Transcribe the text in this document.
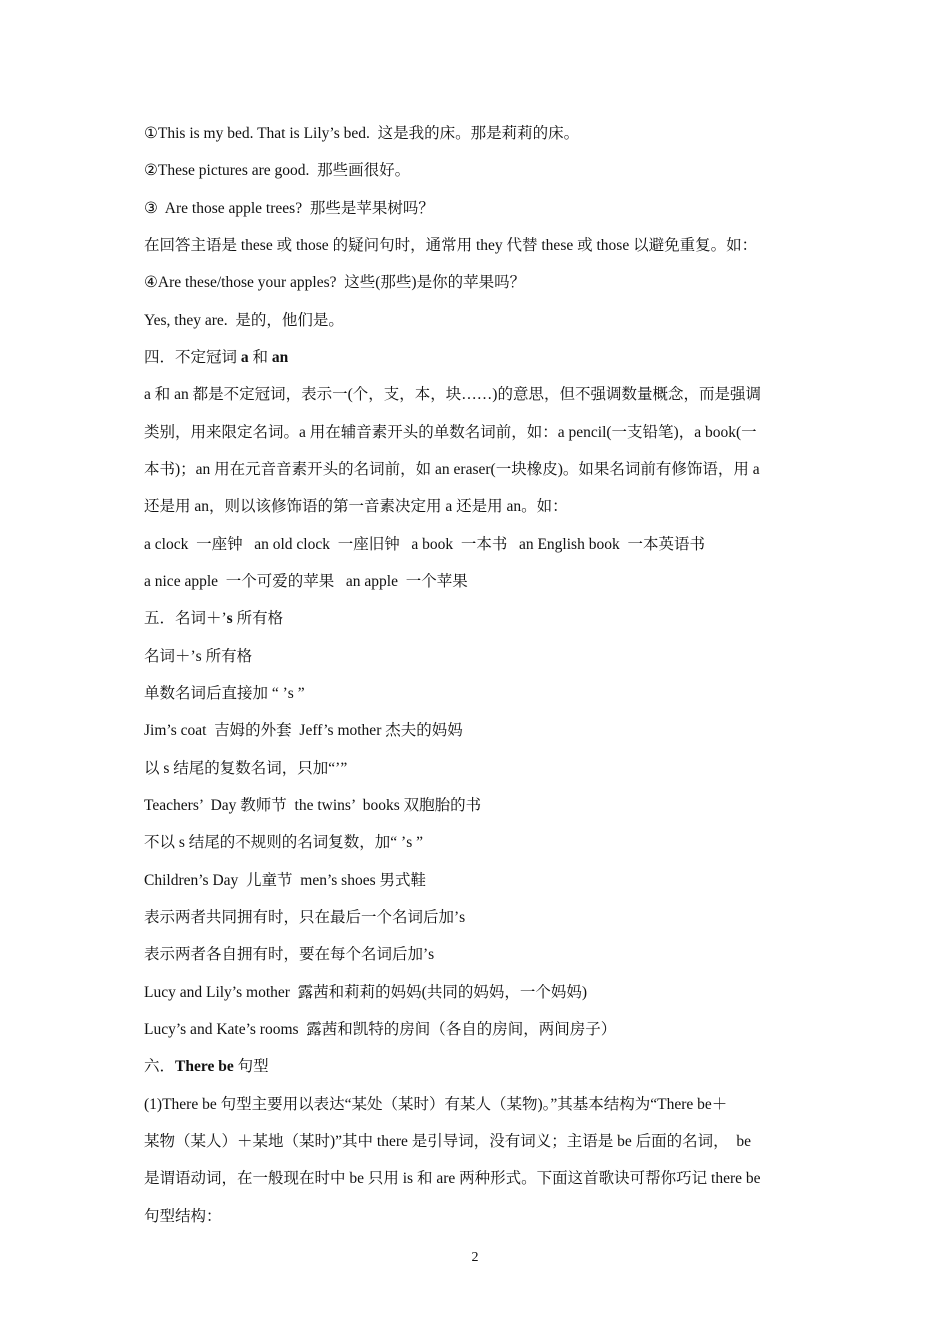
①This is my bed. That is Lily’s bed.  这是我的床。那是莉莉的床。
②These pictures are good.  那些画很好。
③  Are those apple trees?  那些是苹果树吗？
在回答主语是 these 或 those 的疑问句时，通常用 they 代替 these 或 those 以避免重复。如：
④Are these/those your apples?  这些(那些)是你的苹果吗？
Yes, they are.  是的，他们是。
四．不定冠词 a 和 an
a 和 an 都是不定冠词，表示一(个，支，本，块……)的意思，但不强调数量概念，而是强调
类别，用来限定名词。a 用在辅音素开头的单数名词前，如：a pencil(一支铅笔)，a book(一
本书)；an 用在元音音素开头的名词前，如 an eraser(一块橡皮)。如果名词前有修饰语，用 a
还是用 an，则以该修饰语的第一音素决定用 a 还是用 an。如：
a clock  一座钟   an old clock  一座旧钟   a book  一本书   an English book  一本英语书
a nice apple  一个可爱的苹果   an apple  一个苹果
五．名词＋’s 所有格
名词＋’s 所有格
单数名词后直接加 “ ’s ”
Jim’s coat  吉姆的外套  Jeff’s mother 杰夫的妈妈
以 s 结尾的复数名词，只加“’”
Teachers’  Day 教师节  the twins’  books 双胞胎的书
不以 s 结尾的不规则的名词复数，加“ ’s ”
Children’s Day  儿童节  men’s shoes 男式鞋
表示两者共同拥有时，只在最后一个名词后加’s
表示两者各自拥有时，要在每个名词后加’s
Lucy and Lily’s mother  露茜和莉莉的妈妈(共同的妈妈，一个妈妈)
Lucy’s and Kate’s rooms  露茜和凯特的房间（各自的房间，两间房子）
六．There be 句型
(1)There be 句型主要用以表达“某处（某时）有某人（某物)。”其基本结构为“There be＋
某物（某人）＋某地（某时)”其中 there 是引导词，没有词义；主语是 be 后面的名词，  be
是谓语动词，在一般现在时中 be 只用 is 和 are 两种形式。下面这首歌诀可帮你巧记 there be
句型结构：
2
